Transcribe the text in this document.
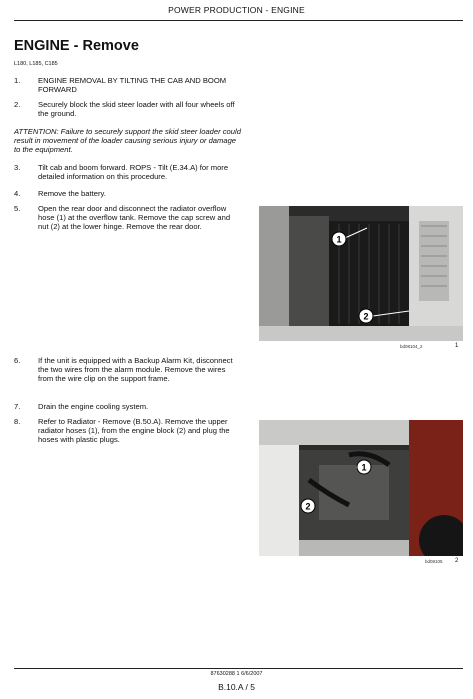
POWER PRODUCTION - ENGINE
ENGINE - Remove
L180, L185, C185
1. ENGINE REMOVAL BY TILTING THE CAB AND BOOM FORWARD
2. Securely block the skid steer loader with all four wheels off the ground.
ATTENTION: Failure to securely support the skid steer loader could result in movement of the loader causing serious injury or damage to the equipment.
3. Tilt cab and boom forward. ROPS - Tilt (E.34.A) for more detailed information on this procedure.
4. Remove the battery.
5. Open the rear door and disconnect the radiator overflow hose (1) at the overflow tank. Remove the cap screw and nut (2) at the lower hinge. Remove the rear door.
1
2
bd08104_2	1
6. If the unit is equipped with a Backup Alarm Kit, disconnect the two wires from the alarm module. Remove the wires from the wire clip on the support frame.
7. Drain the engine cooling system.
8. Refer to Radiator - Remove (B.50.A). Remove the upper radiator hoses (1), from the engine block (2) and plug the hoses with plastic plugs.
1
2
bd08105 2
87630288 1 6/6/2007
B.10.A / 5
